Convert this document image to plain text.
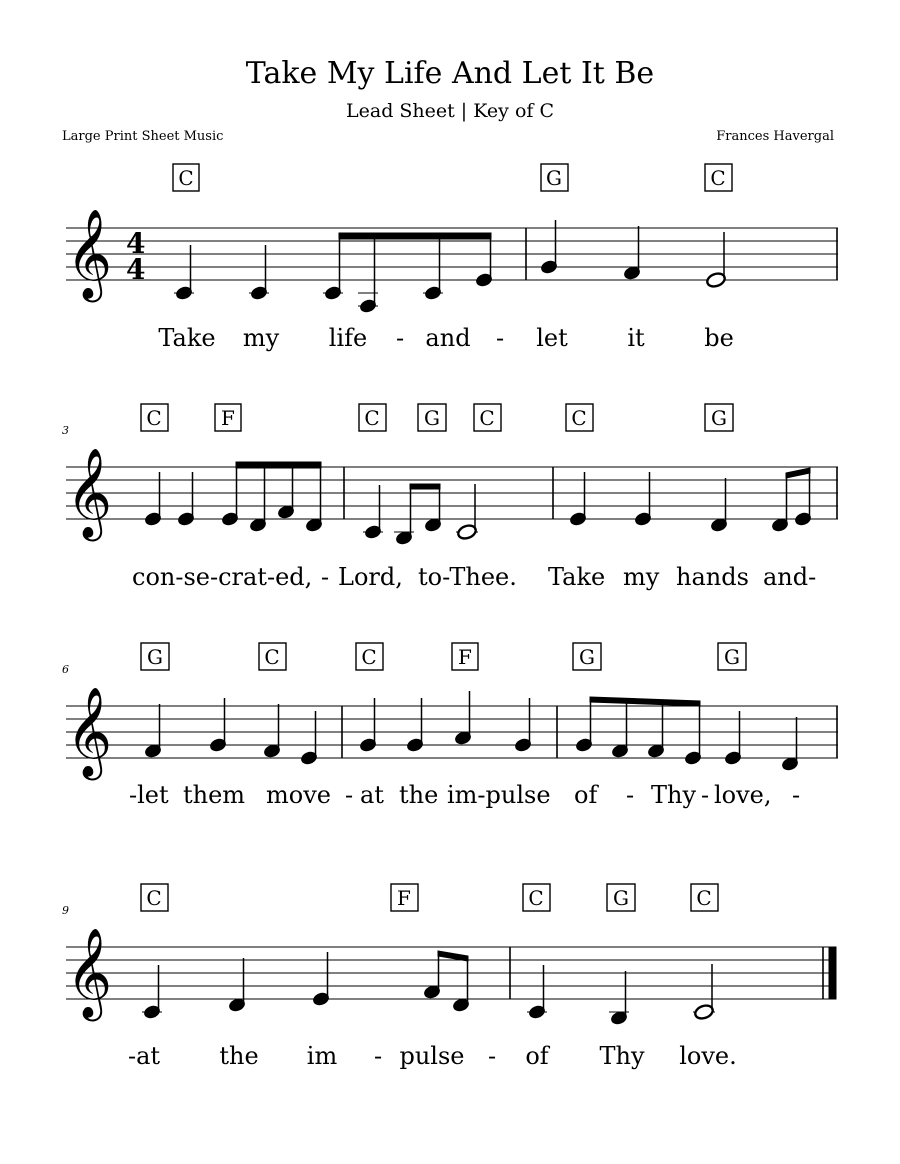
Take My Life And Let It Be
Lead Sheet | Key of C
Large Print Sheet Music	Frances Havergal
C	G	C
𝄞 4
4
Take my life - and - let it be
3
C	F	C G C	C	G
𝄞
con-se-crat-ed, - Lord, to-Thee. Take my hands and-
6
G	C	C	F	G	G
𝄞
-let them move - at the im-pulse of - Thy - love, -
9
C	F	C	G	C
𝄞
-at the im - pulse - of Thy love.
